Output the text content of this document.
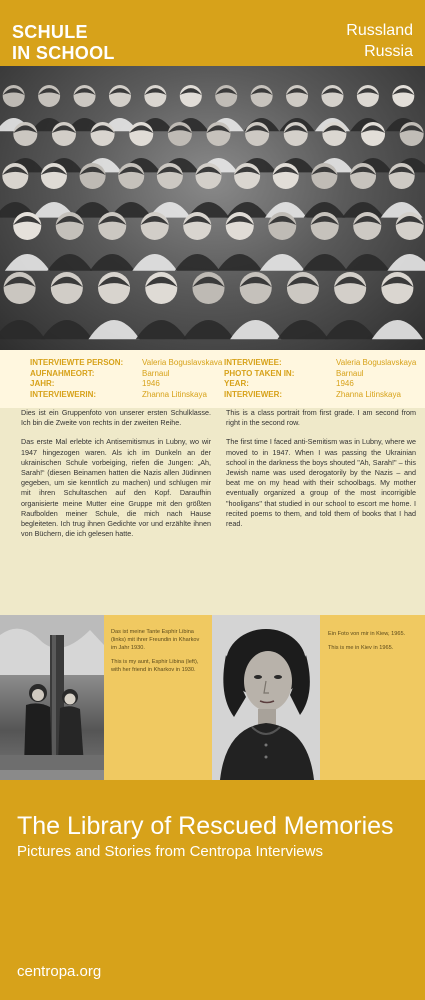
SCHULE
IN SCHOOL
Russland
Russia
INTERVIEWTE PERSON:
AUFNAHMEORT:
JAHR:
INTERVIEWERIN:
Valeria Boguslavskava
Barnaul
1946
Zhanna Litinskaya
INTERVIEWEE:
PHOTO TAKEN IN:
YEAR:
INTERVIEWER:
Valeria Boguslavskaya
Barnaul
1946
Zhanna Litinskaya

Dies ist ein Gruppenfoto von unserer ersten Schulklasse. Ich bin die Zweite von rechts in der zweiten Reihe.

Das erste Mal erlebte ich Antisemitismus in Lubny, wo wir 1947 hingezogen waren. Als ich im Dunkeln an der ukrainischen Schule vorbeiging, riefen die Jungen: „Ah, Sarah!“ (diesen Beinamen hatten die Nazis allen Jüdinnen gegeben, um sie kenntlich zu machen) und schlugen mir mit ihren Schultaschen auf den Kopf. Daraufhin organisierte meine Mutter eine Gruppe mit den größten Raufbolden meiner Schule, die mich nach Hause begleiteten. Ich trug ihnen Gedichte vor und erzählte ihnen von Büchern, die ich gelesen hatte.

This is a class portrait from first grade. I am second from right in the second row.

The first time I faced anti-Semitism was in Lubny, where we moved to in 1947. When I was passing the Ukrainian school in the darkness the boys shouted "Ah, Sarah!" – this Jewish name was used derogatorily by the Nazis – and beat me on my head with their schoolbags. My mother eventually organized a group of the most incorrigible "hooligans" that studied in our school to escort me home. I recited poems to them, and told them of books that I had read.

Das ist meine Tante Esphir Libina (links) mit ihrer Freundin in Kharkov im Jahr 1930.

This is my aunt, Esphir Libina (left), with her friend in Kharkov in 1930.

Ein Foto von mir in Kiew, 1965.

This is me in Kiev in 1965.

The Library of Rescued Memories
Pictures and Stories from Centropa Interviews
centropa.org
